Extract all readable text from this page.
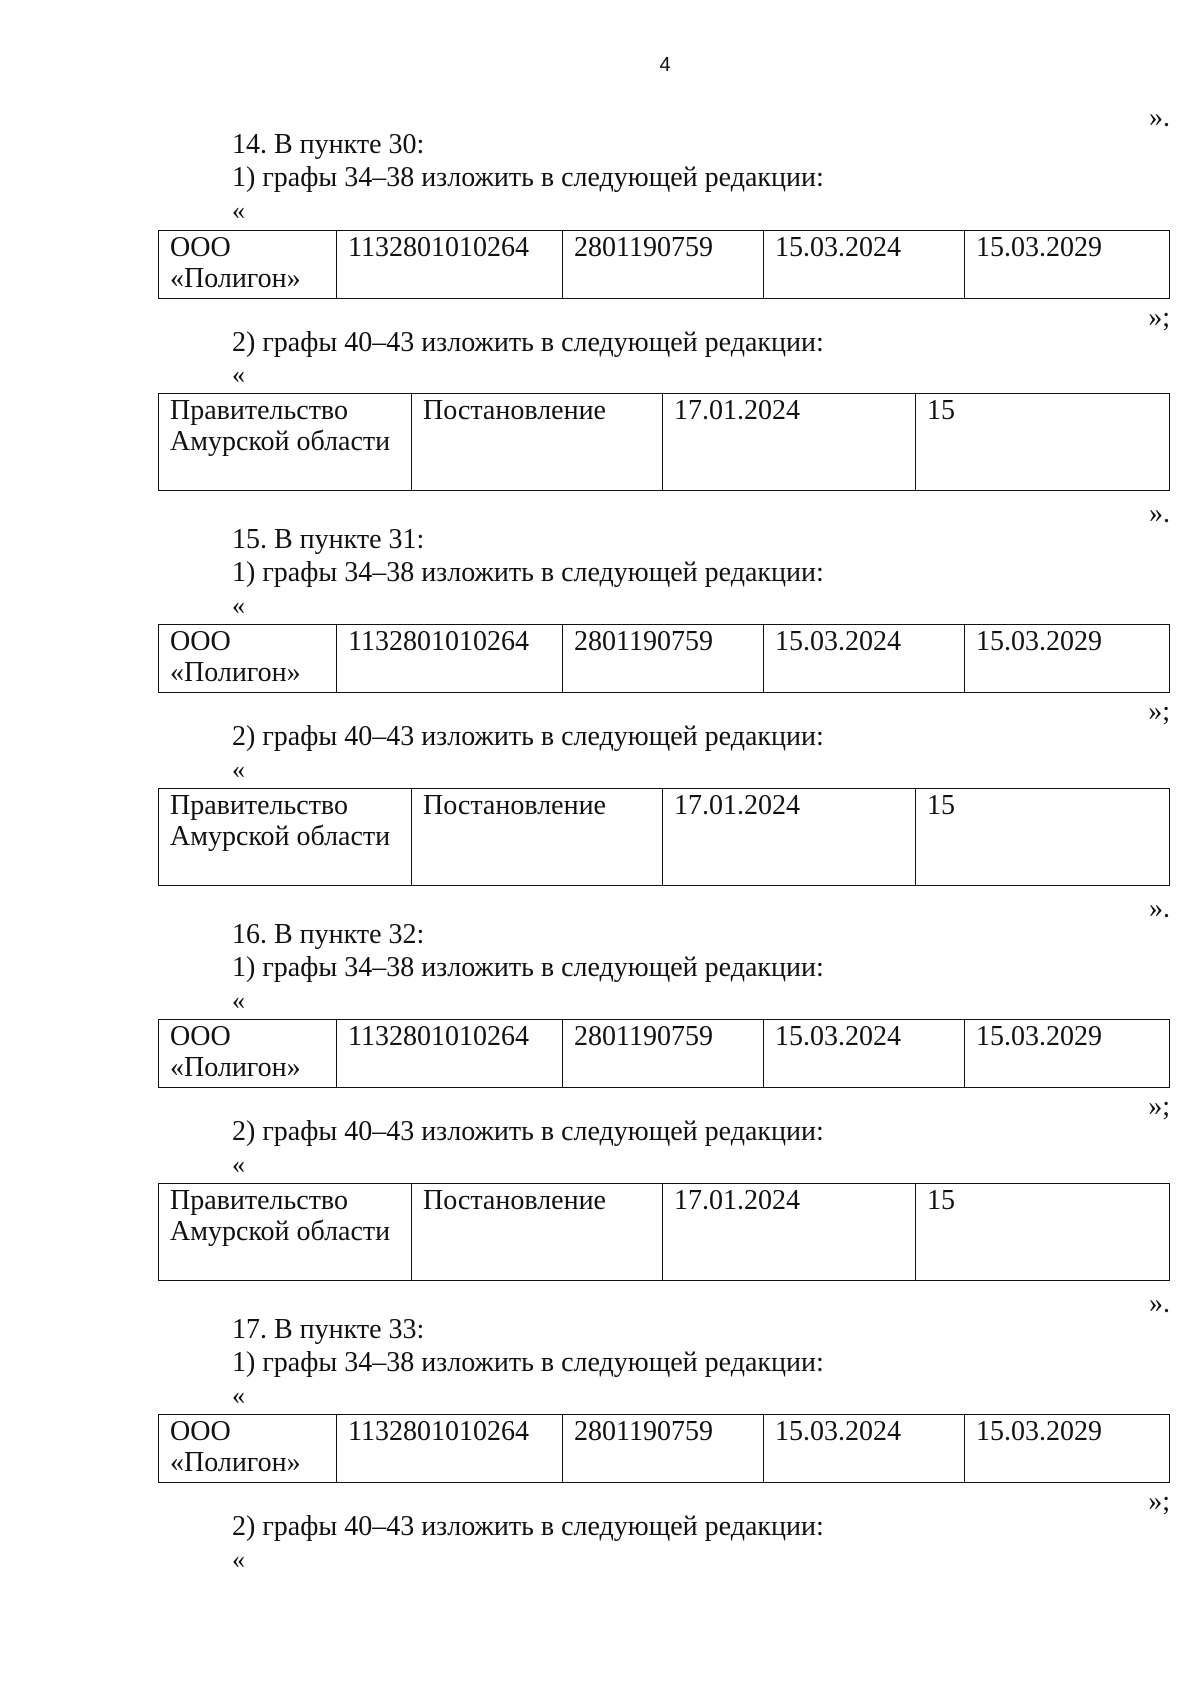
4
».
14. В пункте 30:
1) графы 34–38 изложить в следующей редакции:
«
ООО «Полигон»	1132801010264	2801190759	15.03.2024	15.03.2029
»;
2) графы 40–43 изложить в следующей редакции:
«
Правительство Амурской области	Постановление	17.01.2024	15
».
15. В пункте 31:
1) графы 34–38 изложить в следующей редакции:
«
ООО «Полигон»	1132801010264	2801190759	15.03.2024	15.03.2029
»;
2) графы 40–43 изложить в следующей редакции:
«
Правительство Амурской области	Постановление	17.01.2024	15
».
16. В пункте 32:
1) графы 34–38 изложить в следующей редакции:
«
ООО «Полигон»	1132801010264	2801190759	15.03.2024	15.03.2029
»;
2) графы 40–43 изложить в следующей редакции:
«
Правительство Амурской области	Постановление	17.01.2024	15
».
17. В пункте 33:
1) графы 34–38 изложить в следующей редакции:
«
ООО «Полигон»	1132801010264	2801190759	15.03.2024	15.03.2029
»;
2) графы 40–43 изложить в следующей редакции:
«
